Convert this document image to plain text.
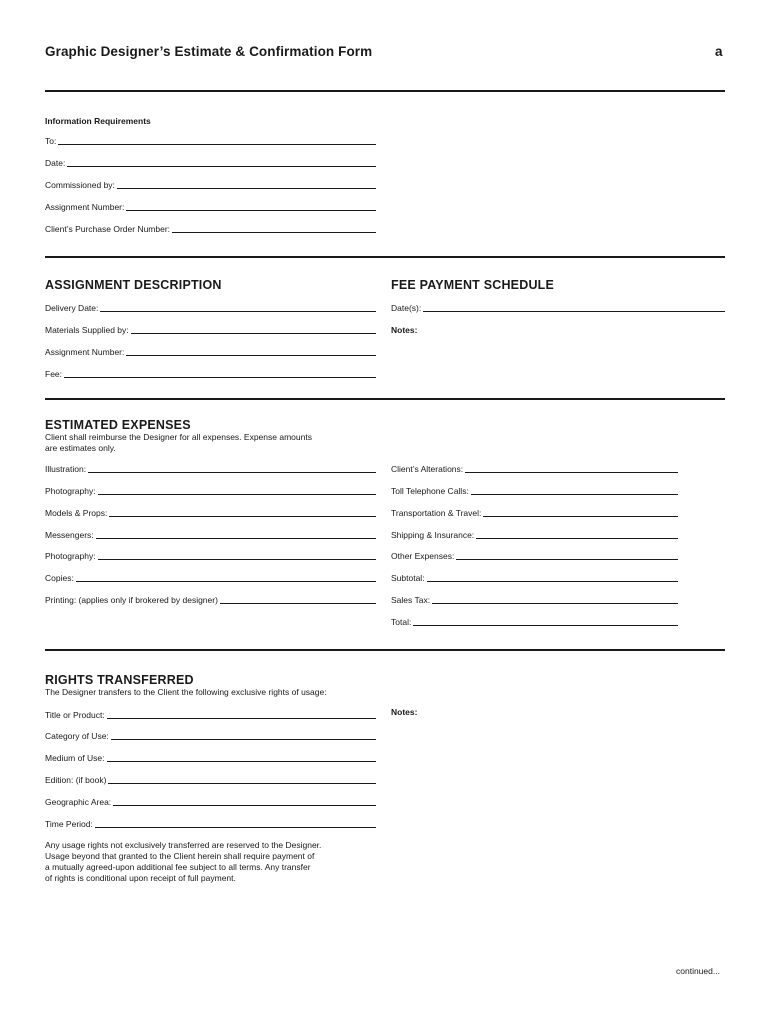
Graphic Designer’s Estimate & Confirmation Form	a
Information Requirements
To:
Date:
Commissioned by:
Assignment Number:
Client’s Purchase Order Number:
ASSIGNMENT DESCRIPTION	FEE PAYMENT SCHEDULE
Delivery Date:
Materials Supplied by:
Assignment Number:
Fee:
Date(s):
Notes:
ESTIMATED EXPENSES
Client shall reimburse the Designer for all expenses. Expense amounts
are estimates only.
Illustration:
Photography:
Models & Props:
Messengers:
Photography:
Copies:
Printing: (applies only if brokered by designer)
Client’s Alterations:
Toll Telephone Calls:
Transportation & Travel:
Shipping & Insurance:
Other Expenses:
Subtotal:
Sales Tax:
Total:
RIGHTS TRANSFERRED
The Designer transfers to the Client the following exclusive rights of usage:
Title or Product:
Category of Use:
Medium of Use:
Edition: (if book)
Geographic Area:
Time Period:
Notes:
Any usage rights not exclusively transferred are reserved to the Designer.
Usage beyond that granted to the Client herein shall require payment of
a mutually agreed-upon additional fee subject to all terms. Any transfer
of rights is conditional upon receipt of full payment.
continued...
